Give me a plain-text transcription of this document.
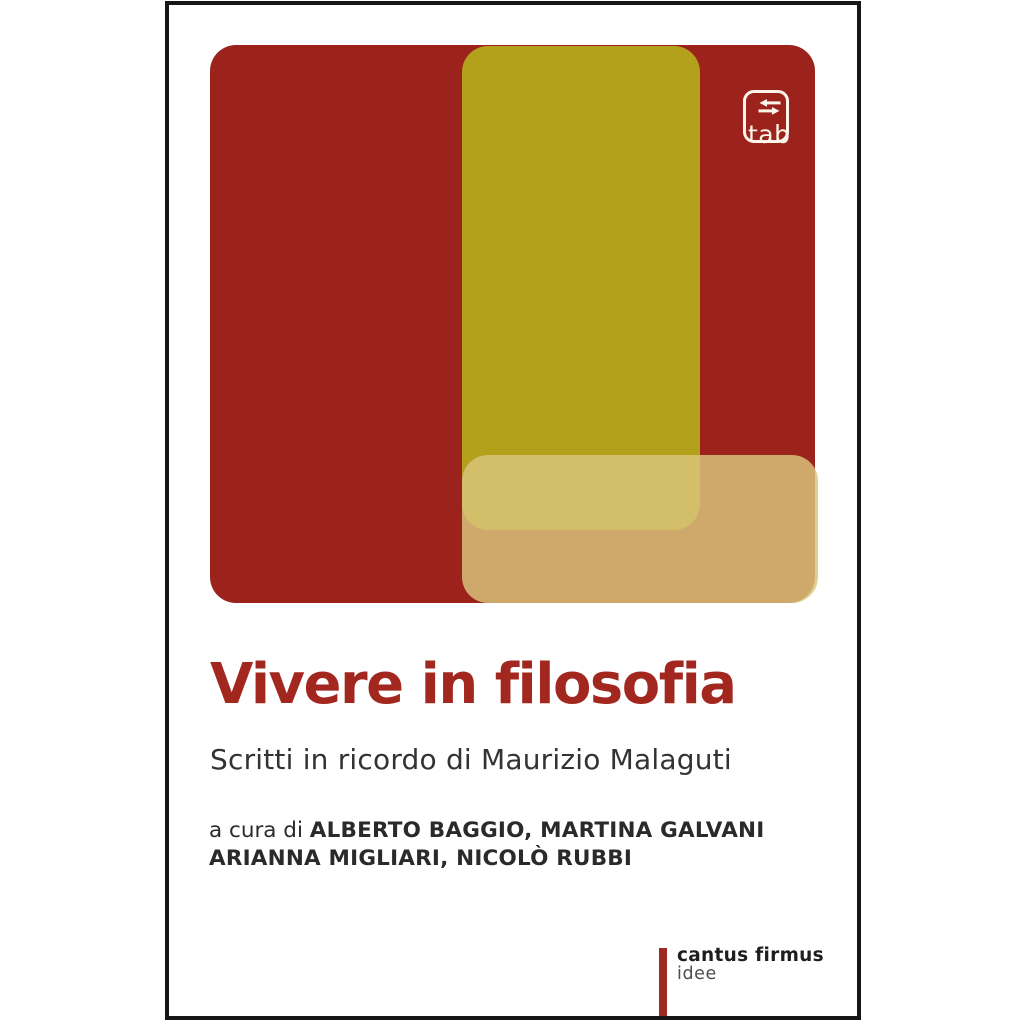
tab
Vivere in filosofia
Scritti in ricordo di Maurizio Malaguti
a cura di ALBERTO BAGGIO, MARTINA GALVANI
ARIANNA MIGLIARI, NICOLÒ RUBBI
cantus firmus
idee
